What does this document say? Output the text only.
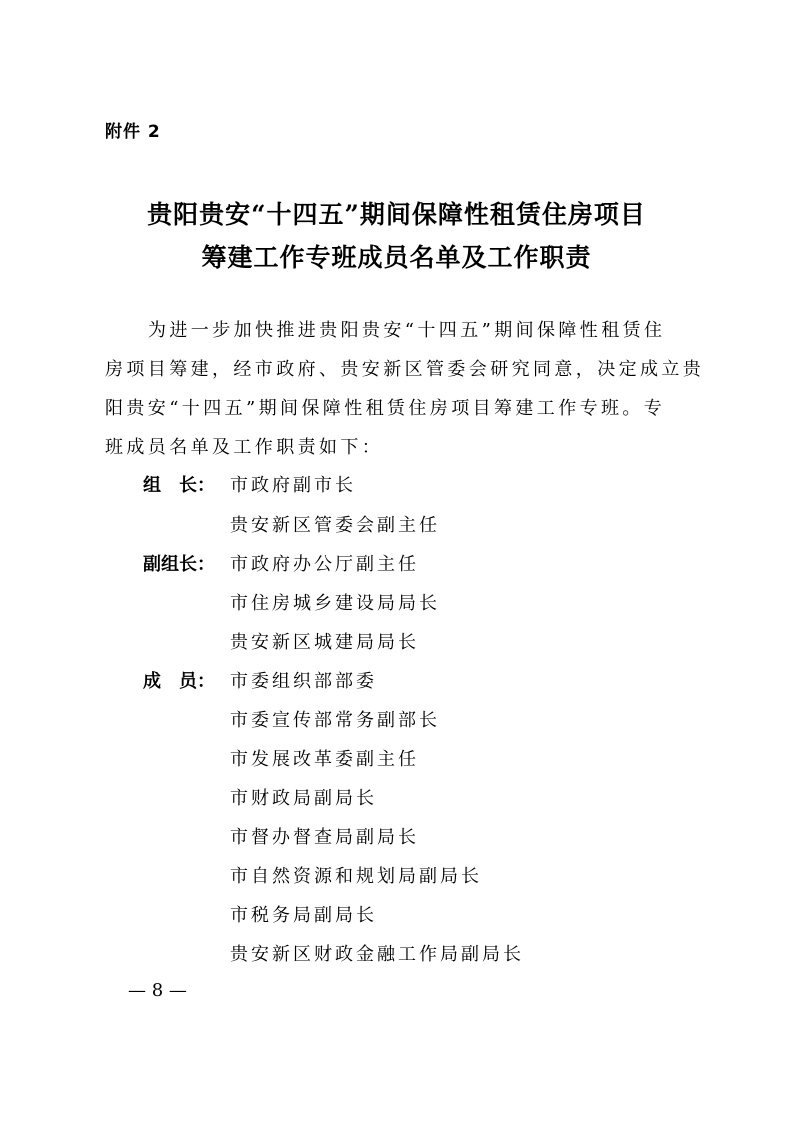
附件 2
贵阳贵安“十四五”期间保障性租赁住房项目
筹建工作专班成员名单及工作职责
为进一步加快推进贵阳贵安“十四五”期间保障性租赁住
房项目筹建，经市政府、贵安新区管委会研究同意，决定成立贵
阳贵安“十四五”期间保障性租赁住房项目筹建工作专班。专
班成员名单及工作职责如下：
组　长： 市政府副市长
贵安新区管委会副主任
副组长： 市政府办公厅副主任
市住房城乡建设局局长
贵安新区城建局局长
成　员： 市委组织部部委
市委宣传部常务副部长
市发展改革委副主任
市财政局副局长
市督办督查局副局长
市自然资源和规划局副局长
市税务局副局长
贵安新区财政金融工作局副局长
— 8 —
